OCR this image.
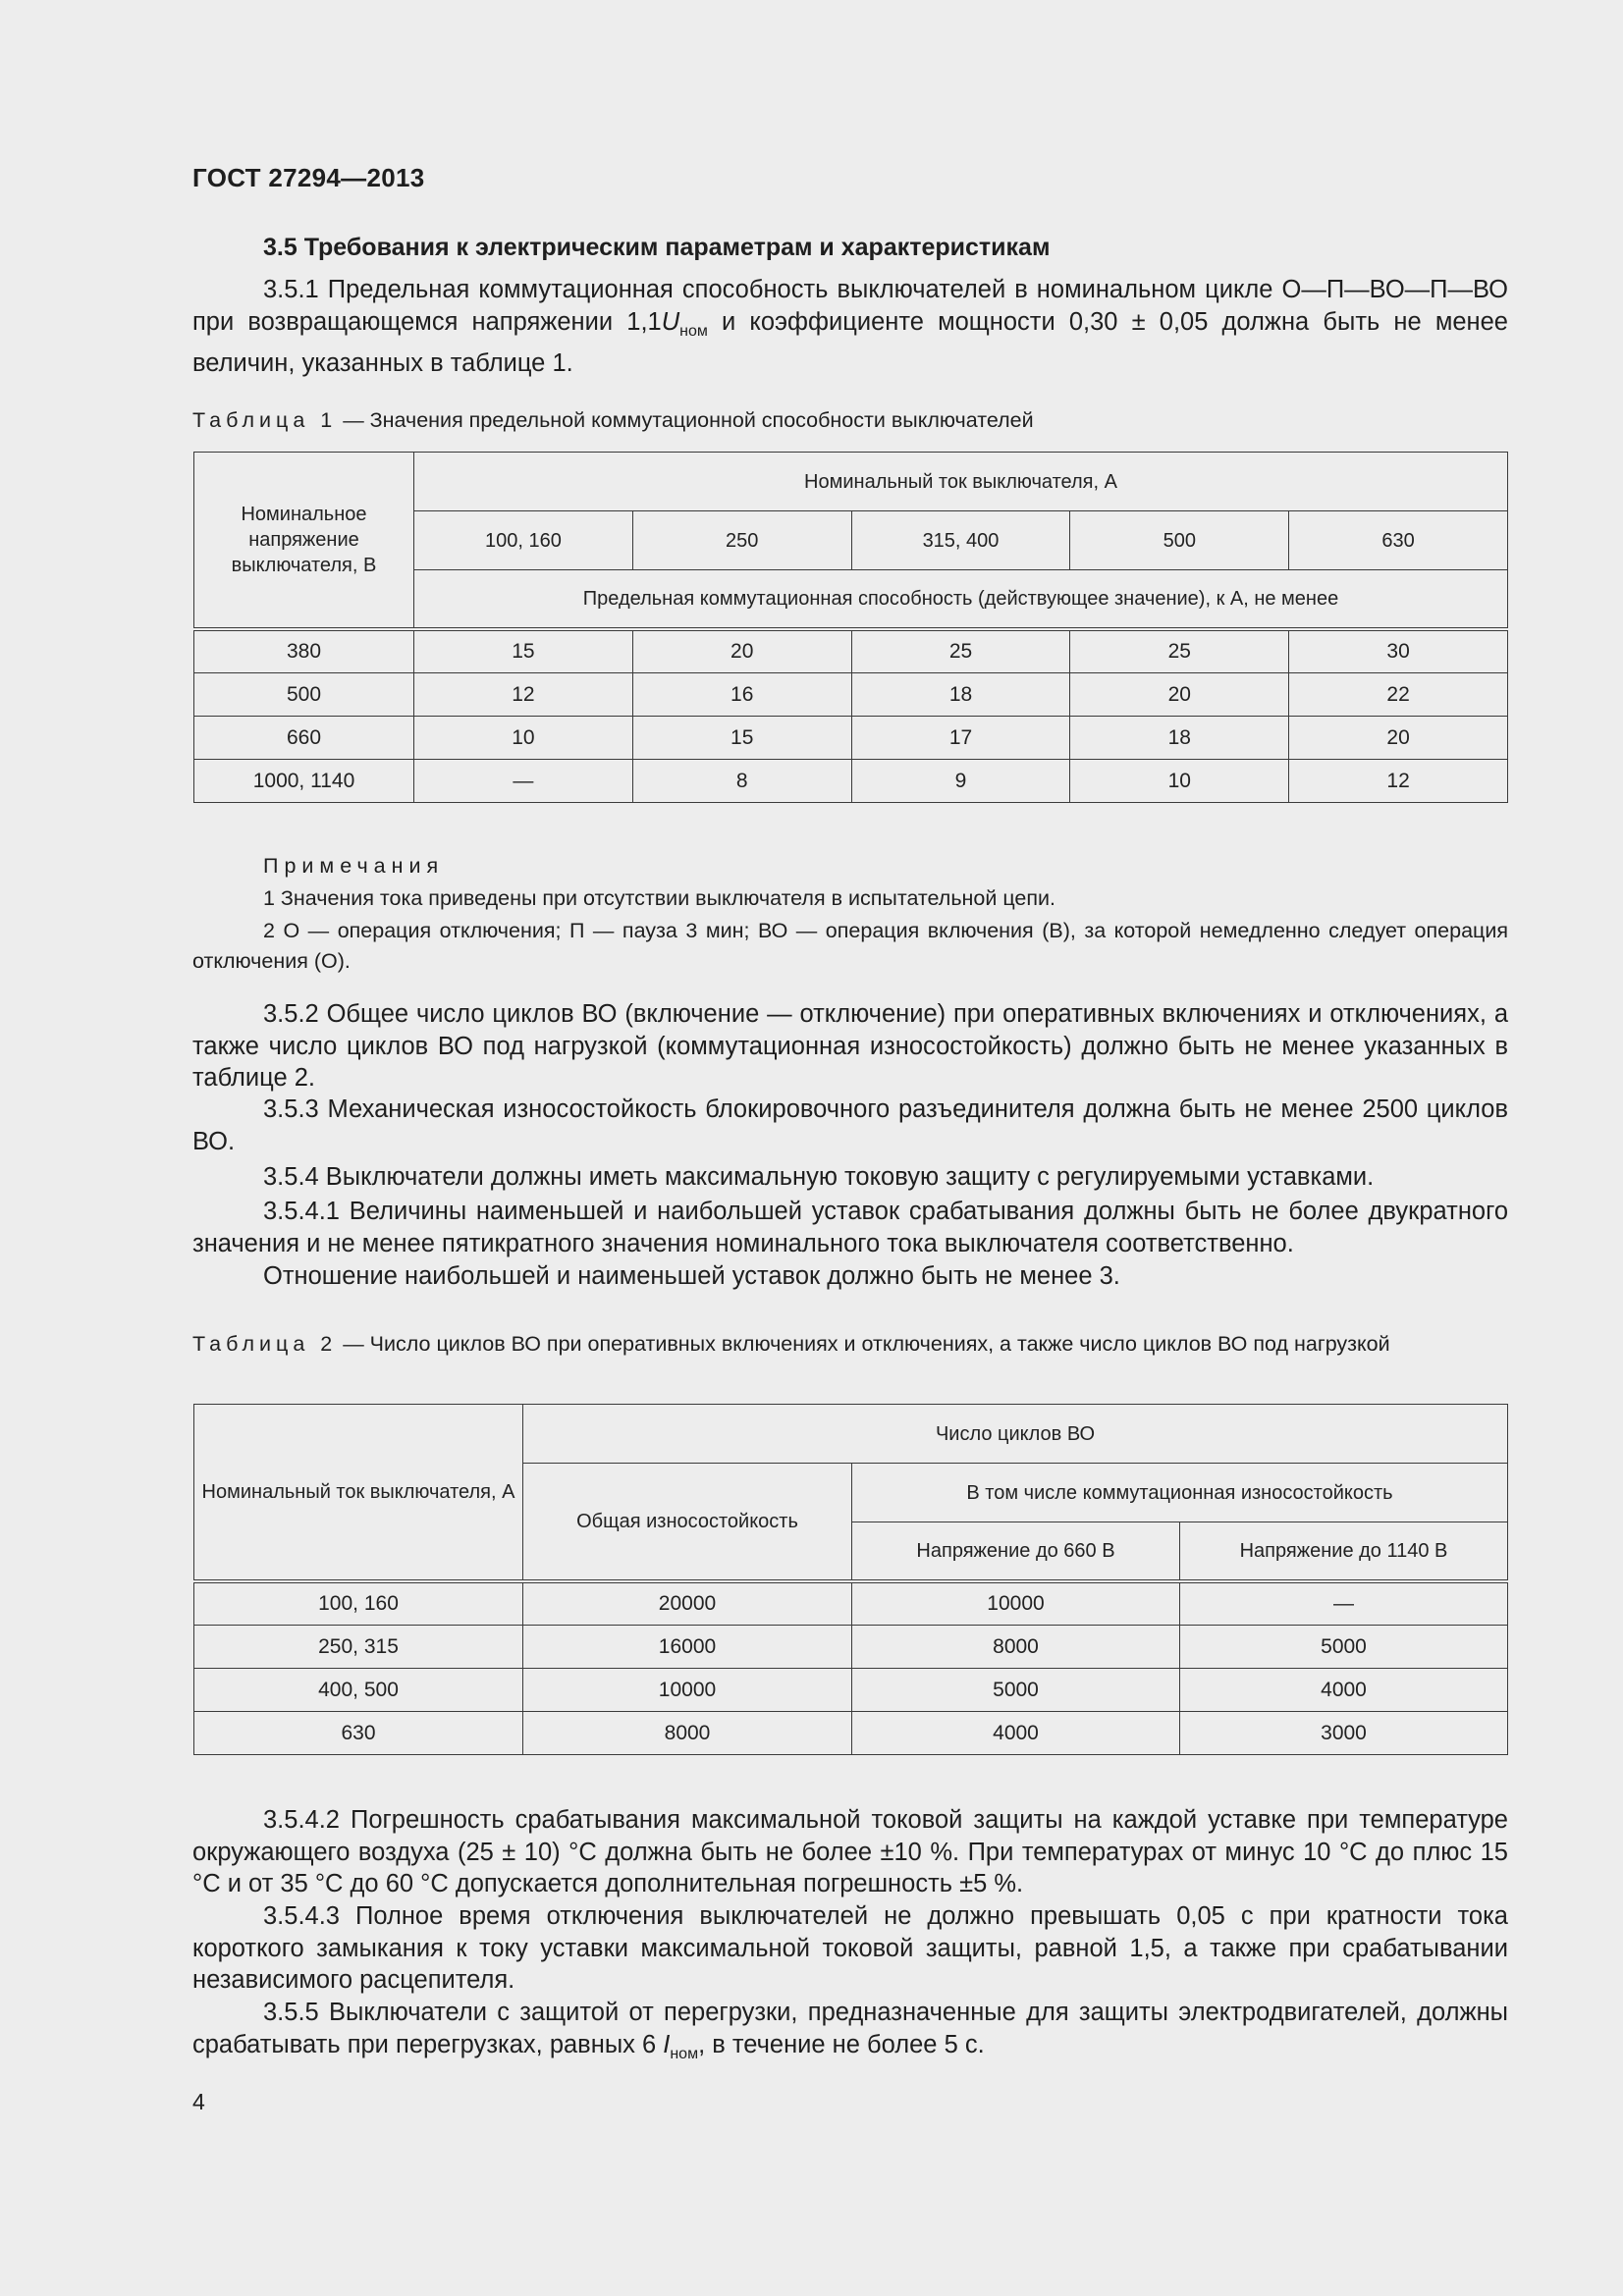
ГОСТ 27294—2013
3.5 Требования к электрическим параметрам и характеристикам
3.5.1 Предельная коммутационная способность выключателей в номинальном цикле О—П—ВО—П—ВО при возвращающемся напряжении $1,1U_{ном}$ и коэффициенте мощности 0,30 ± 0,05 должна быть не менее величин, указанных в таблице 1.
Таблица 1 — Значения предельной коммутационной способности выключателей
Номинальное напряжение выключателя, В	Номинальный ток выключателя, А				
	100, 160	250	315, 400	500	630
	Предельная коммутационная способность (действующее значение), к А, не менее				
380	15	20	25	25	30
500	12	16	18	20	22
660	10	15	17	18	20
1000, 1140	—	8	9	10	12
Примечания
1 Значения тока приведены при отсутствии выключателя в испытательной цепи.
2 О — операция отключения; П — пауза 3 мин; ВО — операция включения (В), за которой немедленно следует операция отключения (О).
3.5.2 Общее число циклов ВО (включение — отключение) при оперативных включениях и отключениях, а также число циклов ВО под нагрузкой (коммутационная износостойкость) должно быть не менее указанных в таблице 2.
3.5.3 Механическая износостойкость блокировочного разъединителя должна быть не менее 2500 циклов ВО.
3.5.4 Выключатели должны иметь максимальную токовую защиту с регулируемыми уставками.
3.5.4.1 Величины наименьшей и наибольшей уставок срабатывания должны быть не более двукратного значения и не менее пятикратного значения номинального тока выключателя соответственно.
Отношение наибольшей и наименьшей уставок должно быть не менее 3.
Таблица 2 — Число циклов ВО при оперативных включениях и отключениях, а также число циклов ВО под нагрузкой
Номинальный ток выключателя, А	Число циклов ВО		
	Общая износостойкость	В том числе коммутационная износостойкость	
		Напряжение до 660 В	Напряжение до 1140 В
100, 160	20000	10000	—
250, 315	16000	8000	5000
400, 500	10000	5000	4000
630	8000	4000	3000
3.5.4.2 Погрешность срабатывания максимальной токовой защиты на каждой уставке при температуре окружающего воздуха (25 ± 10) °С должна быть не более ±10 %. При температурах от минус 10 °С до плюс 15 °С и от 35 °С до 60 °С допускается дополнительная погрешность ±5 %.
3.5.4.3 Полное время отключения выключателей не должно превышать 0,05 с при кратности тока короткого замыкания к току уставки максимальной токовой защиты, равной 1,5, а также при срабатывании независимого расцепителя.
3.5.5 Выключатели с защитой от перегрузки, предназначенные для защиты электродвигателей, должны срабатывать при перегрузках, равных 6 $I_{ном}$, в течение не более 5 с.
4
